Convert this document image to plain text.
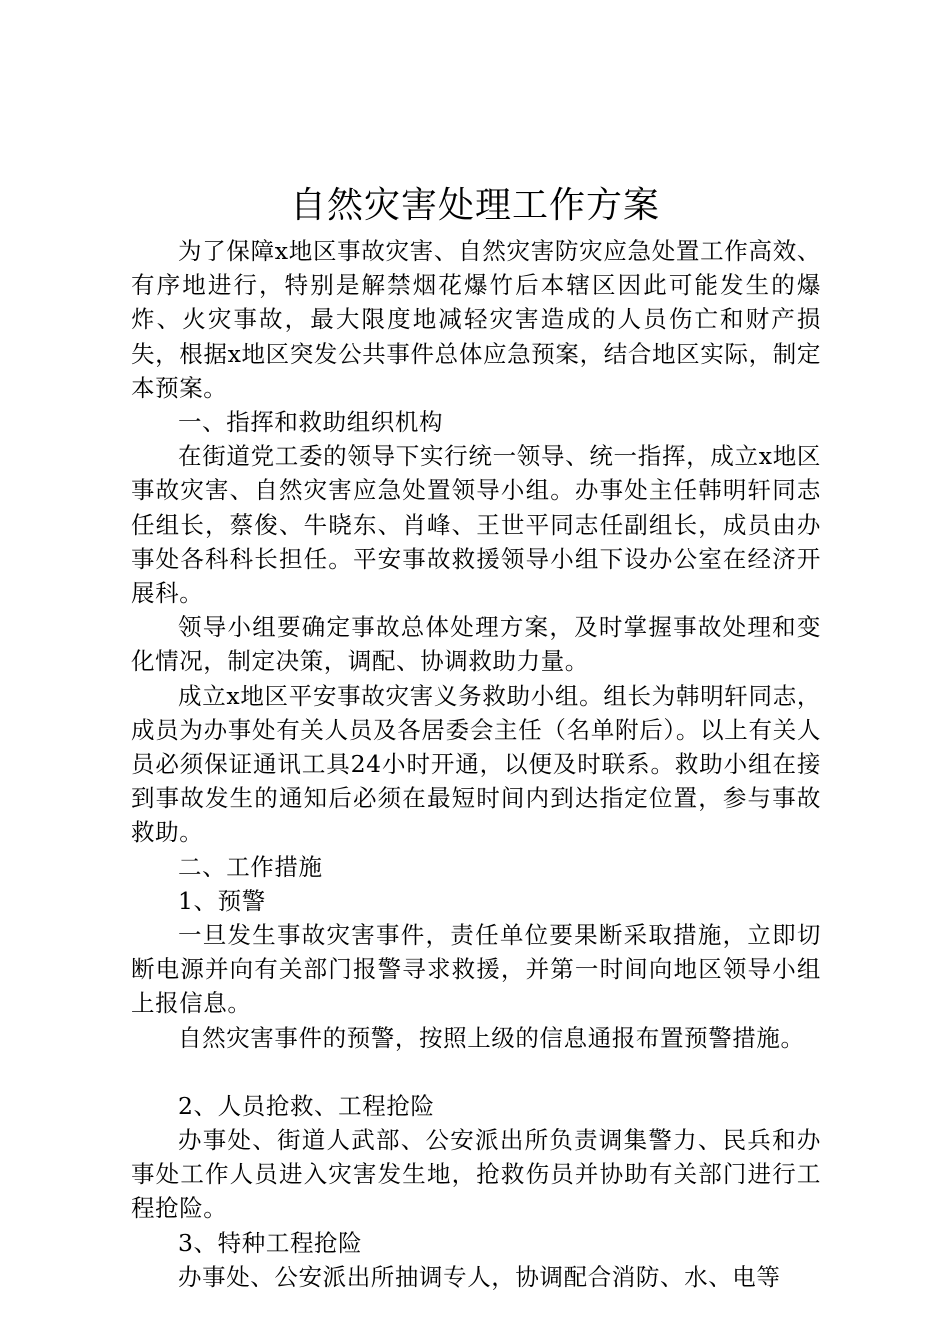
自然灾害处理工作方案

为了保障x地区事故灾害、自然灾害防灾应急处置工作高效、有序地进行，特别是解禁烟花爆竹后本辖区因此可能发生的爆炸、火灾事故，最大限度地减轻灾害造成的人员伤亡和财产损失，根据x地区突发公共事件总体应急预案，结合地区实际，制定本预案。

一、指挥和救助组织机构

在街道党工委的领导下实行统一领导、统一指挥，成立x地区事故灾害、自然灾害应急处置领导小组。办事处主任韩明轩同志任组长，蔡俊、牛晓东、肖峰、王世平同志任副组长，成员由办事处各科科长担任。平安事故救援领导小组下设办公室在经济开展科。

领导小组要确定事故总体处理方案，及时掌握事故处理和变化情况，制定决策，调配、协调救助力量。

成立x地区平安事故灾害义务救助小组。组长为韩明轩同志，成员为办事处有关人员及各居委会主任（名单附后）。以上有关人员必须保证通讯工具24小时开通，以便及时联系。救助小组在接到事故发生的通知后必须在最短时间内到达指定位置，参与事故救助。

二、工作措施

1、预警

一旦发生事故灾害事件，责任单位要果断采取措施，立即切断电源并向有关部门报警寻求救援，并第一时间向地区领导小组上报信息。

自然灾害事件的预警，按照上级的信息通报布置预警措施。

2、人员抢救、工程抢险

办事处、街道人武部、公安派出所负责调集警力、民兵和办事处工作人员进入灾害发生地，抢救伤员并协助有关部门进行工程抢险。

3、特种工程抢险

办事处、公安派出所抽调专人，协调配合消防、水、电等
